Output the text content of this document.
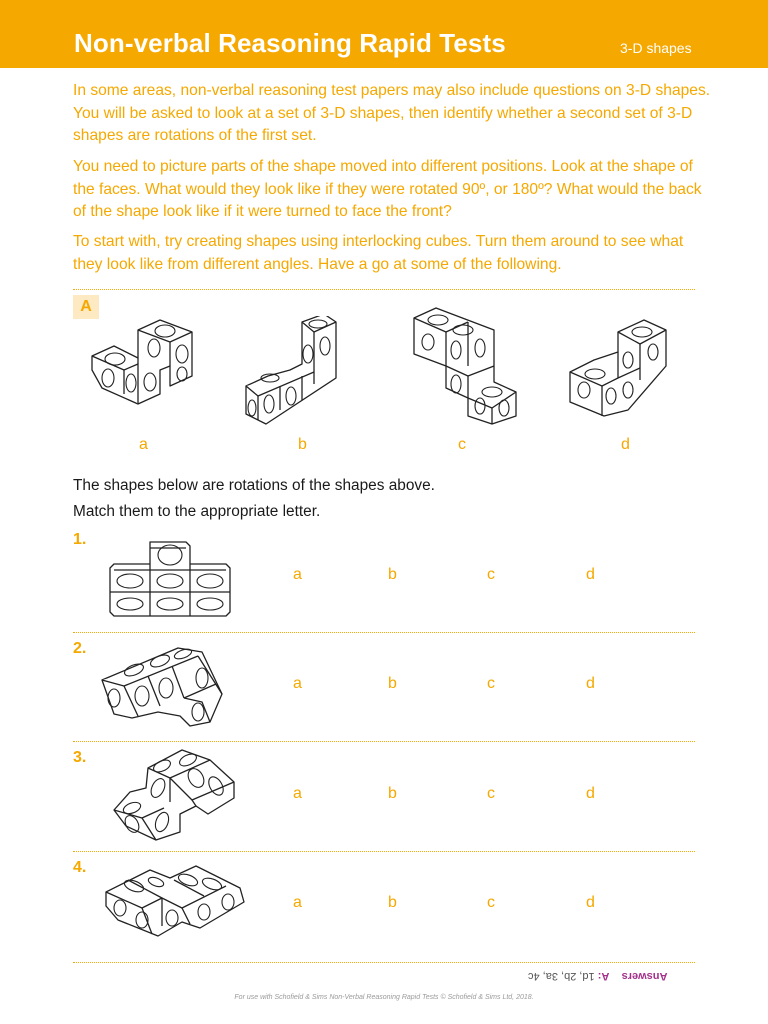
Non-verbal Reasoning Rapid Tests	3-D shapes
In some areas, non-verbal reasoning test papers may also include questions on 3-D shapes. You will be asked to look at a set of 3-D shapes, then identify whether a second set of 3-D shapes are rotations of the first set.
You need to picture parts of the shape moved into different positions. Look at the shape of the faces. What would they look like if they were rotated 90º, or 180º? What would the back of the shape look like if it were turned to face the front?
To start with, try creating shapes using interlocking cubes. Turn them around to see what they look like from different angles. Have a go at some of the following.
A
a	b	c	d
The shapes below are rotations of the shapes above.
Match them to the appropriate letter.
1.
a	b	c	d
2.
a	b	c	d
3.
a	b	c	d
4.
a	b	c	d
Answers    A: 1d, 2b, 3a, 4c
For use with Schofield & Sims Non-Verbal Reasoning Rapid Tests © Schofield & Sims Ltd, 2018.
